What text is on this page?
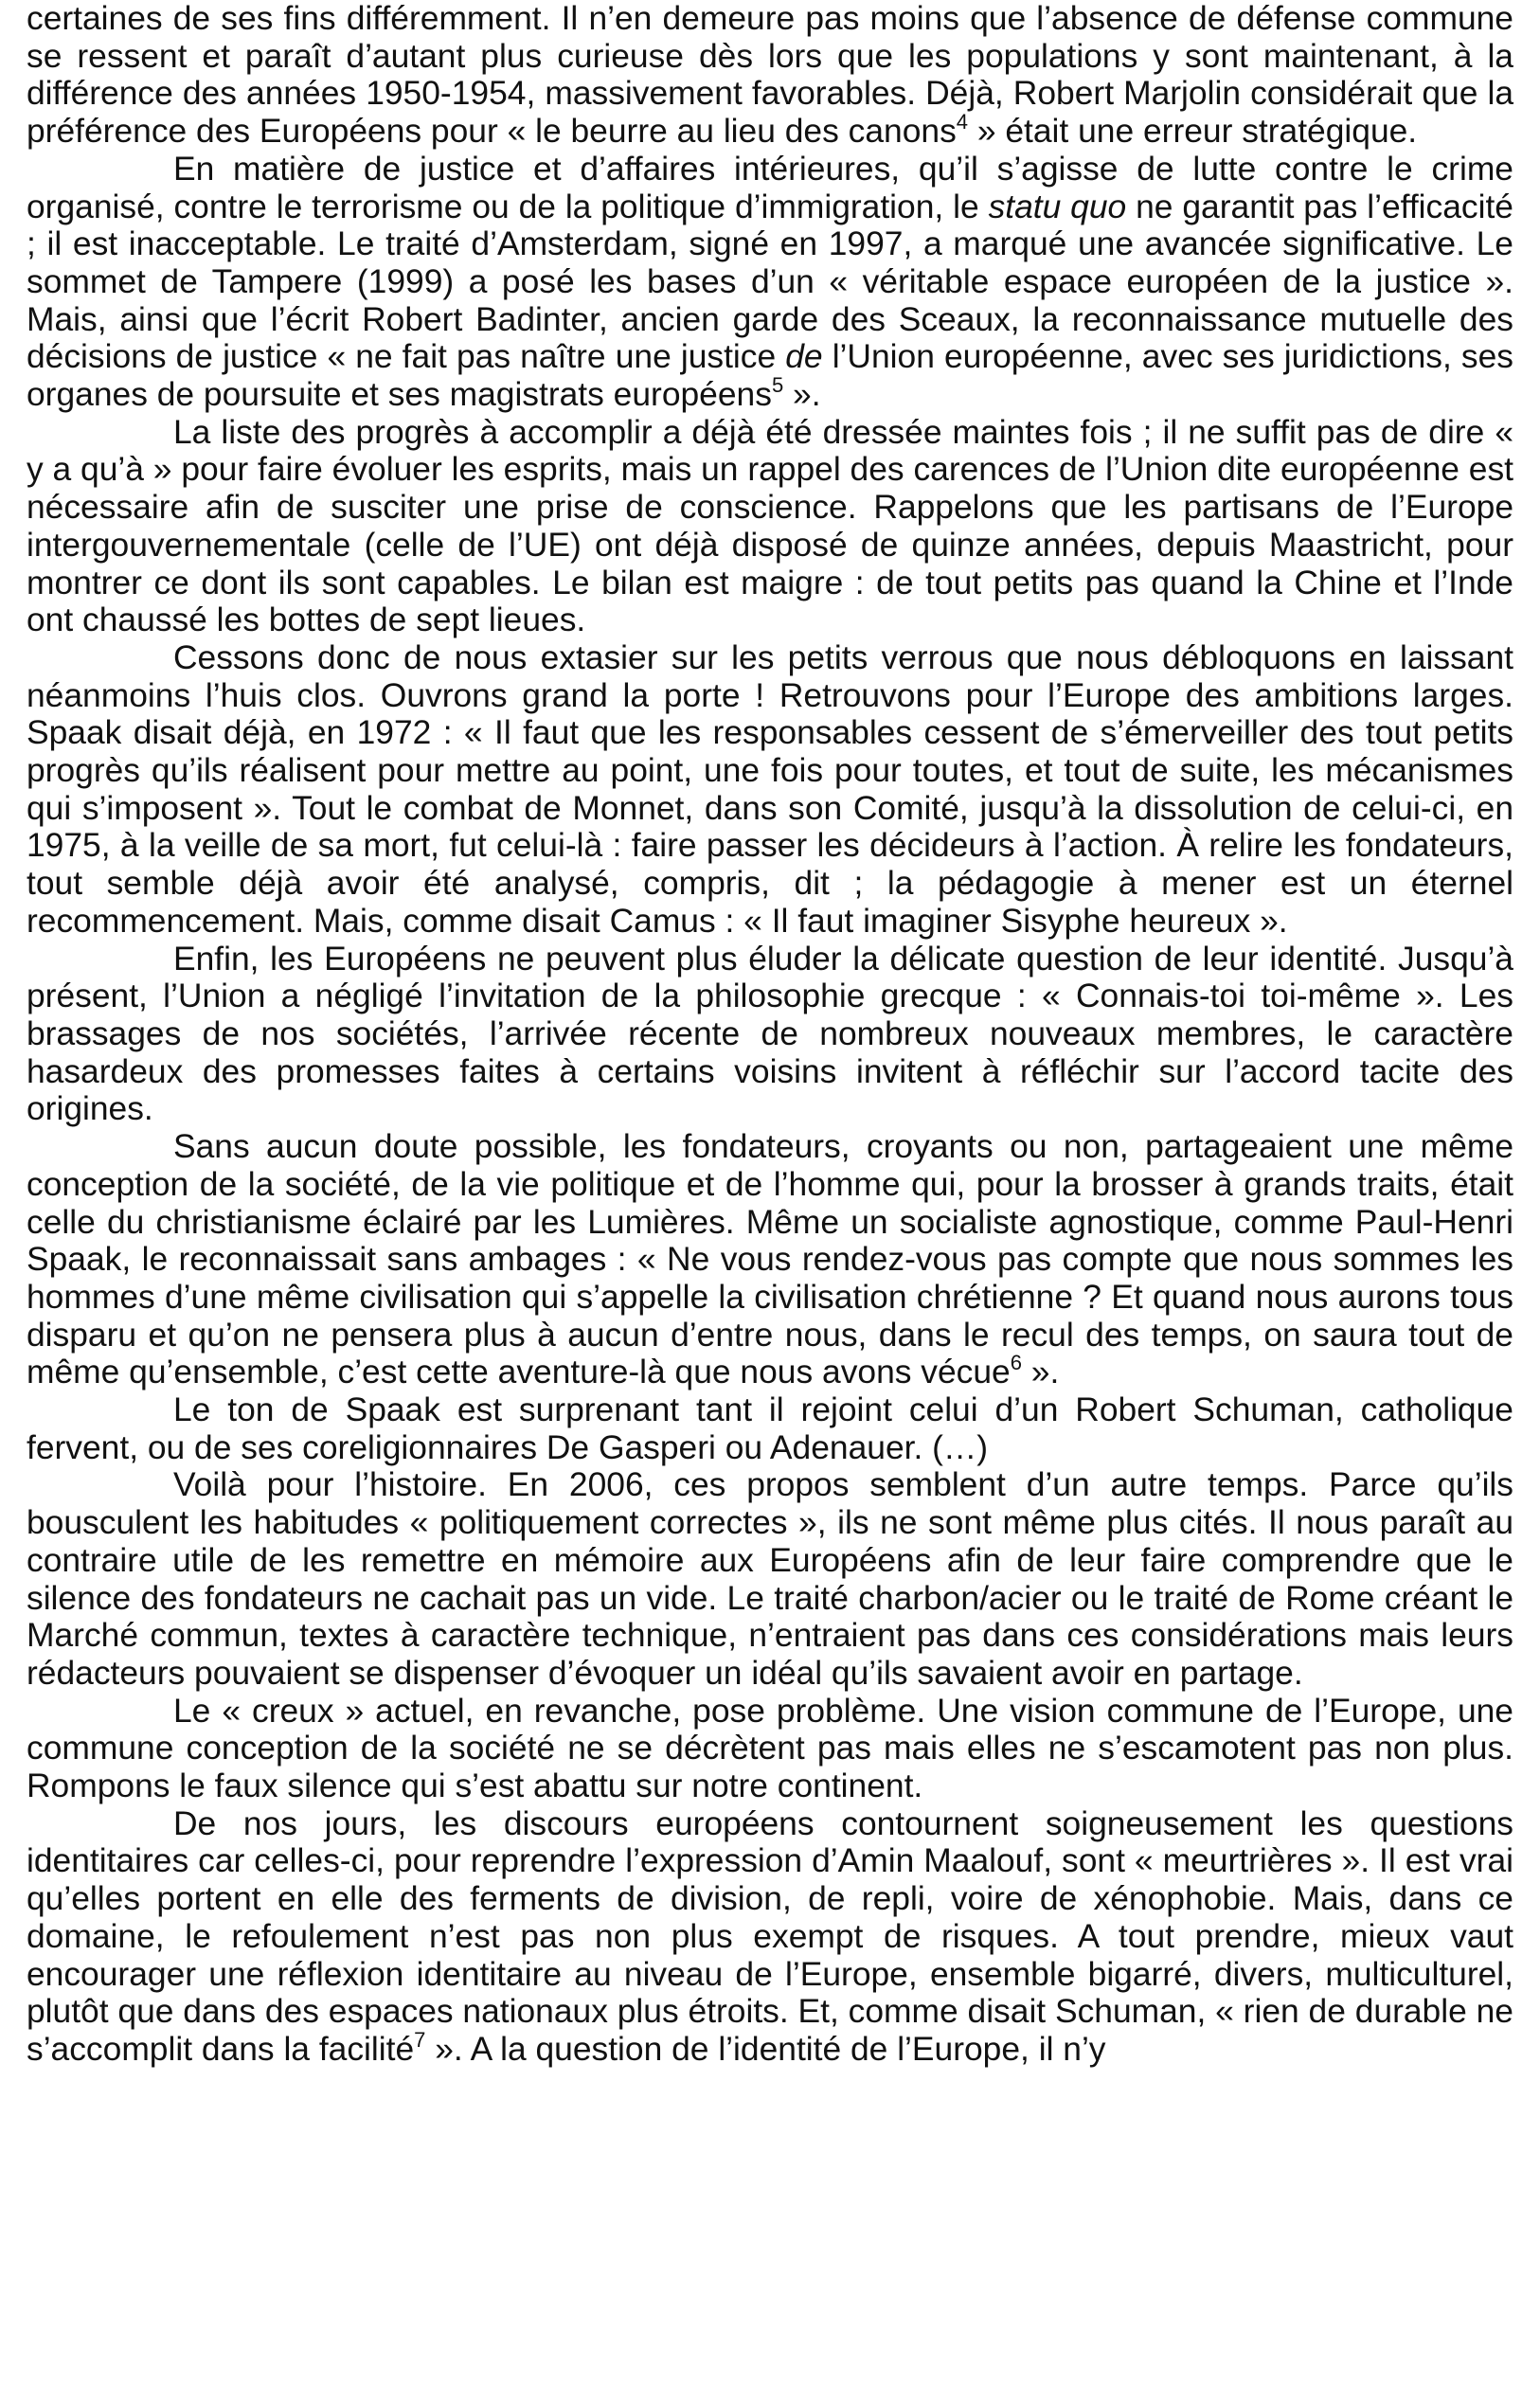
certaines de ses fins différemment. Il n’en demeure pas moins que l’absence de défense commune se ressent et paraît d’autant plus curieuse dès lors que les populations y sont maintenant, à la différence des années 1950-1954, massivement favorables. Déjà, Robert Marjolin considérait que la préférence des Européens pour « le beurre au lieu des canons$^4$ » était une erreur stratégique.

En matière de justice et d’affaires intérieures, qu’il s’agisse de lutte contre le crime organisé, contre le terrorisme ou de la politique d’immigration, le statu quo ne garantit pas l’efficacité ; il est inacceptable. Le traité d’Amsterdam, signé en 1997, a marqué une avancée significative. Le sommet de Tampere (1999) a posé les bases d’un « véritable espace européen de la justice ». Mais, ainsi que l’écrit Robert Badinter, ancien garde des Sceaux, la reconnaissance mutuelle des décisions de justice « ne fait pas naître une justice de l’Union européenne, avec ses juridictions, ses organes de poursuite et ses magistrats européens$^5$ ».

La liste des progrès à accomplir a déjà été dressée maintes fois ; il ne suffit pas de dire « y a qu’à » pour faire évoluer les esprits, mais un rappel des carences de l’Union dite européenne est nécessaire afin de susciter une prise de conscience. Rappelons que les partisans de l’Europe intergouvernementale (celle de l’UE) ont déjà disposé de quinze années, depuis Maastricht, pour montrer ce dont ils sont capables. Le bilan est maigre : de tout petits pas quand la Chine et l’Inde ont chaussé les bottes de sept lieues.

Cessons donc de nous extasier sur les petits verrous que nous débloquons en laissant néanmoins l’huis clos. Ouvrons grand la porte ! Retrouvons pour l’Europe des ambitions larges. Spaak disait déjà, en 1972 : « Il faut que les responsables cessent de s’émerveiller des tout petits progrès qu’ils réalisent pour mettre au point, une fois pour toutes, et tout de suite, les mécanismes qui s’imposent ». Tout le combat de Monnet, dans son Comité, jusqu’à la dissolution de celui-ci, en 1975, à la veille de sa mort, fut celui-là : faire passer les décideurs à l’action. À relire les fondateurs, tout semble déjà avoir été analysé, compris, dit ; la pédagogie à mener est un éternel recommencement. Mais, comme disait Camus : « Il faut imaginer Sisyphe heureux ».

Enfin, les Européens ne peuvent plus éluder la délicate question de leur identité. Jusqu’à présent, l’Union a négligé l’invitation de la philosophie grecque : « Connais-toi toi-même ». Les brassages de nos sociétés, l’arrivée récente de nombreux nouveaux membres, le caractère hasardeux des promesses faites à certains voisins invitent à réfléchir sur l’accord tacite des origines.

Sans aucun doute possible, les fondateurs, croyants ou non, partageaient une même conception de la société, de la vie politique et de l’homme qui, pour la brosser à grands traits, était celle du christianisme éclairé par les Lumières. Même un socialiste agnostique, comme Paul-Henri Spaak, le reconnaissait sans ambages : « Ne vous rendez-vous pas compte que nous sommes les hommes d’une même civilisation qui s’appelle la civilisation chrétienne ? Et quand nous aurons tous disparu et qu’on ne pensera plus à aucun d’entre nous, dans le recul des temps, on saura tout de même qu’ensemble, c’est cette aventure-là que nous avons vécue$^6$ ».

Le ton de Spaak est surprenant tant il rejoint celui d’un Robert Schuman, catholique fervent, ou de ses coreligionnaires De Gasperi ou Adenauer. (…)

Voilà pour l’histoire. En 2006, ces propos semblent d’un autre temps. Parce qu’ils bousculent les habitudes « politiquement correctes », ils ne sont même plus cités. Il nous paraît au contraire utile de les remettre en mémoire aux Européens afin de leur faire comprendre que le silence des fondateurs ne cachait pas un vide. Le traité charbon/acier ou le traité de Rome créant le Marché commun, textes à caractère technique, n’entraient pas dans ces considérations mais leurs rédacteurs pouvaient se dispenser d’évoquer un idéal qu’ils savaient avoir en partage.

Le « creux » actuel, en revanche, pose problème. Une vision commune de l’Europe, une commune conception de la société ne se décrètent pas mais elles ne s’escamotent pas non plus. Rompons le faux silence qui s’est abattu sur notre continent.

De nos jours, les discours européens contournent soigneusement les questions identitaires car celles-ci, pour reprendre l’expression d’Amin Maalouf, sont « meurtrières ». Il est vrai qu’elles portent en elle des ferments de division, de repli, voire de xénophobie. Mais, dans ce domaine, le refoulement n’est pas non plus exempt de risques. A tout prendre, mieux vaut encourager une réflexion identitaire au niveau de l’Europe, ensemble bigarré, divers, multiculturel, plutôt que dans des espaces nationaux plus étroits. Et, comme disait Schuman, « rien de durable ne s’accomplit dans la facilité$^7$ ». A la question de l’identité de l’Europe, il n’y
